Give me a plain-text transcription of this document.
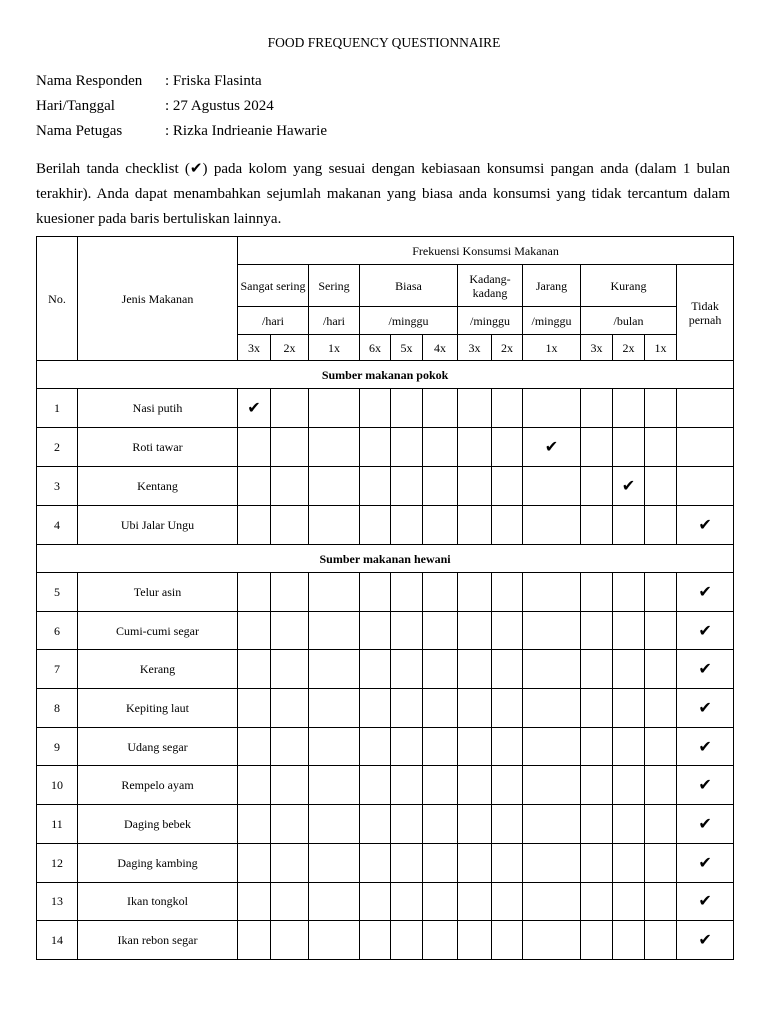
FOOD FREQUENCY QUESTIONNAIRE
Nama Responden : Friska Flasinta
Hari/Tanggal	: 27 Agustus 2024
Nama Petugas	: Rizka Indrieanie Hawarie
Berilah tanda checklist (✔) pada kolom yang sesuai dengan kebiasaan konsumsi pangan anda (dalam 1 bulan terakhir). Anda dapat menambahkan sejumlah makanan yang biasa anda konsumsi yang tidak tercantum dalam kuesioner pada baris bertuliskan lainnya.
No.	Jenis Makanan	Frekuensi Konsumsi Makanan												
		Sangat sering		Sering	Biasa			Kadang-kadang		Jarang	Kurang			Tidak pernah
		/hari		/hari	/minggu			/minggu		/minggu	/bulan			
		3x	2x	1x	6x	5x	4x	3x	2x	1x	3x	2x	1x	
Sumber makanan pokok														
1	Nasi putih	✔												
2	Roti tawar									✔				
3	Kentang											✔		
4	Ubi Jalar Ungu													✔
Sumber makanan hewani														
5	Telur asin													✔
6	Cumi-cumi segar													✔
7	Kerang													✔
8	Kepiting laut													✔
9	Udang segar													✔
10	Rempelo ayam													✔
11	Daging bebek													✔
12	Daging kambing													✔
13	Ikan tongkol													✔
14	Ikan rebon segar													✔
